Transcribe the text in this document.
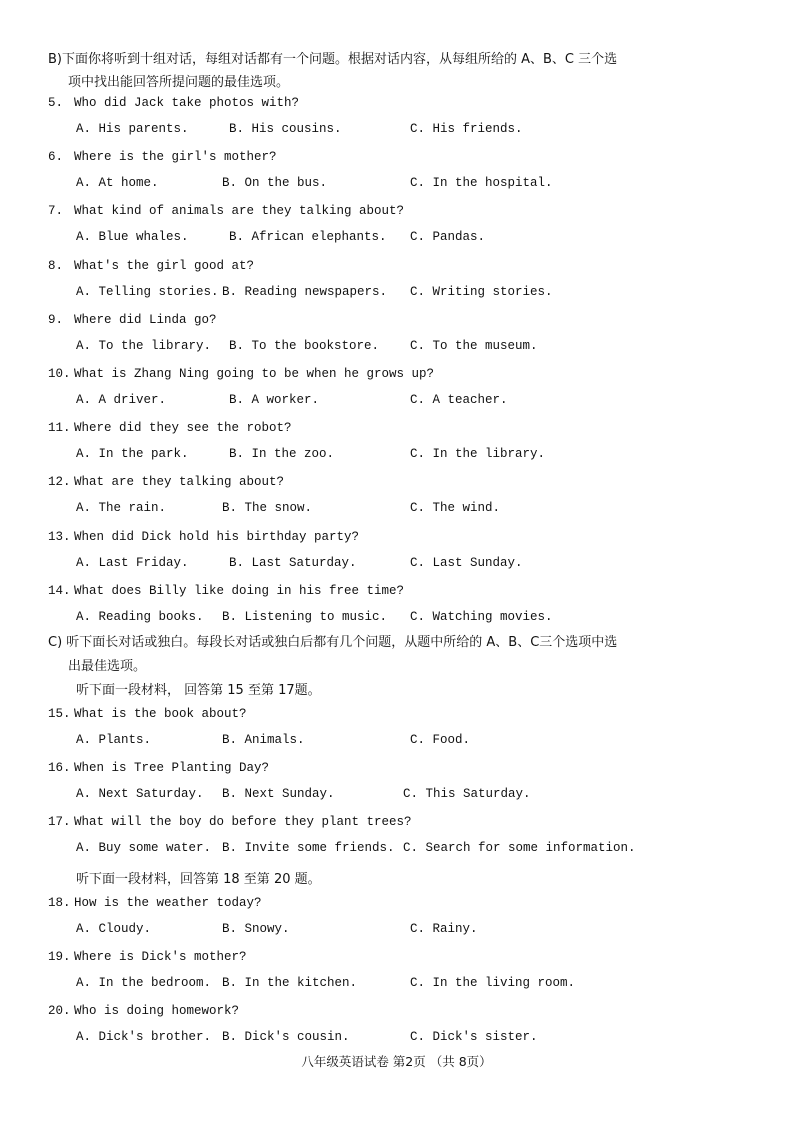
B)下面你将听到十组对话，每组对话都有一个问题。根据对话内容，从每组所给的 A、B、C 三个选
项中找出能回答所提问题的最佳选项。
5. Who did Jack take photos with?
A. His parents.	B. His cousins.	C. His friends.
6. Where is the girl's mother?
A. At home.	B. On the bus.	C. In the hospital.
7. What kind of animals are they talking about?
A. Blue whales.	B. African elephants. C. Pandas.
8. What's the girl good at?
A. Telling stories. B. Reading newspapers. C. Writing stories.
9. Where did Linda go?
A. To the library. B. To the bookstore. C. To the museum.
10. What is Zhang Ning going to be when he grows up?
A. A driver.	B. A worker.	C. A teacher.
11. Where did they see the robot?
A. In the park.	B. In the zoo.	C. In the library.
12. What are they talking about?
A. The rain.	B. The snow.	C. The wind.
13. When did Dick hold his birthday party?
A. Last Friday.	B. Last Saturday.	C. Last Sunday.
14. What does Billy like doing in his free time?
A. Reading books. B. Listening to music. C. Watching movies.
C) 听下面长对话或独白。每段长对话或独白后都有几个问题，从题中所给的 A、B、C三个选项中选
出最佳选项。
听下面一段材料， 回答第 15 至第 17题。
15. What is the book about?
A. Plants.	B. Animals.	C. Food.
16. When is Tree Planting Day?
A. Next Saturday. B. Next Sunday.	C. This Saturday.
17. What will the boy do before they plant trees?
A. Buy some water. B. Invite some friends. C. Search for some information.
听下面一段材料，回答第 18 至第 20 题。
18. How is the weather today?
A. Cloudy.	B. Snowy.	C. Rainy.
19. Where is Dick's mother?
A. In the bedroom. B. In the kitchen.	C. In the living room.
20. Who is doing homework?
A. Dick's brother. B. Dick's cousin.	C. Dick's sister.
八年级英语试卷 第2页 （共 8页）
